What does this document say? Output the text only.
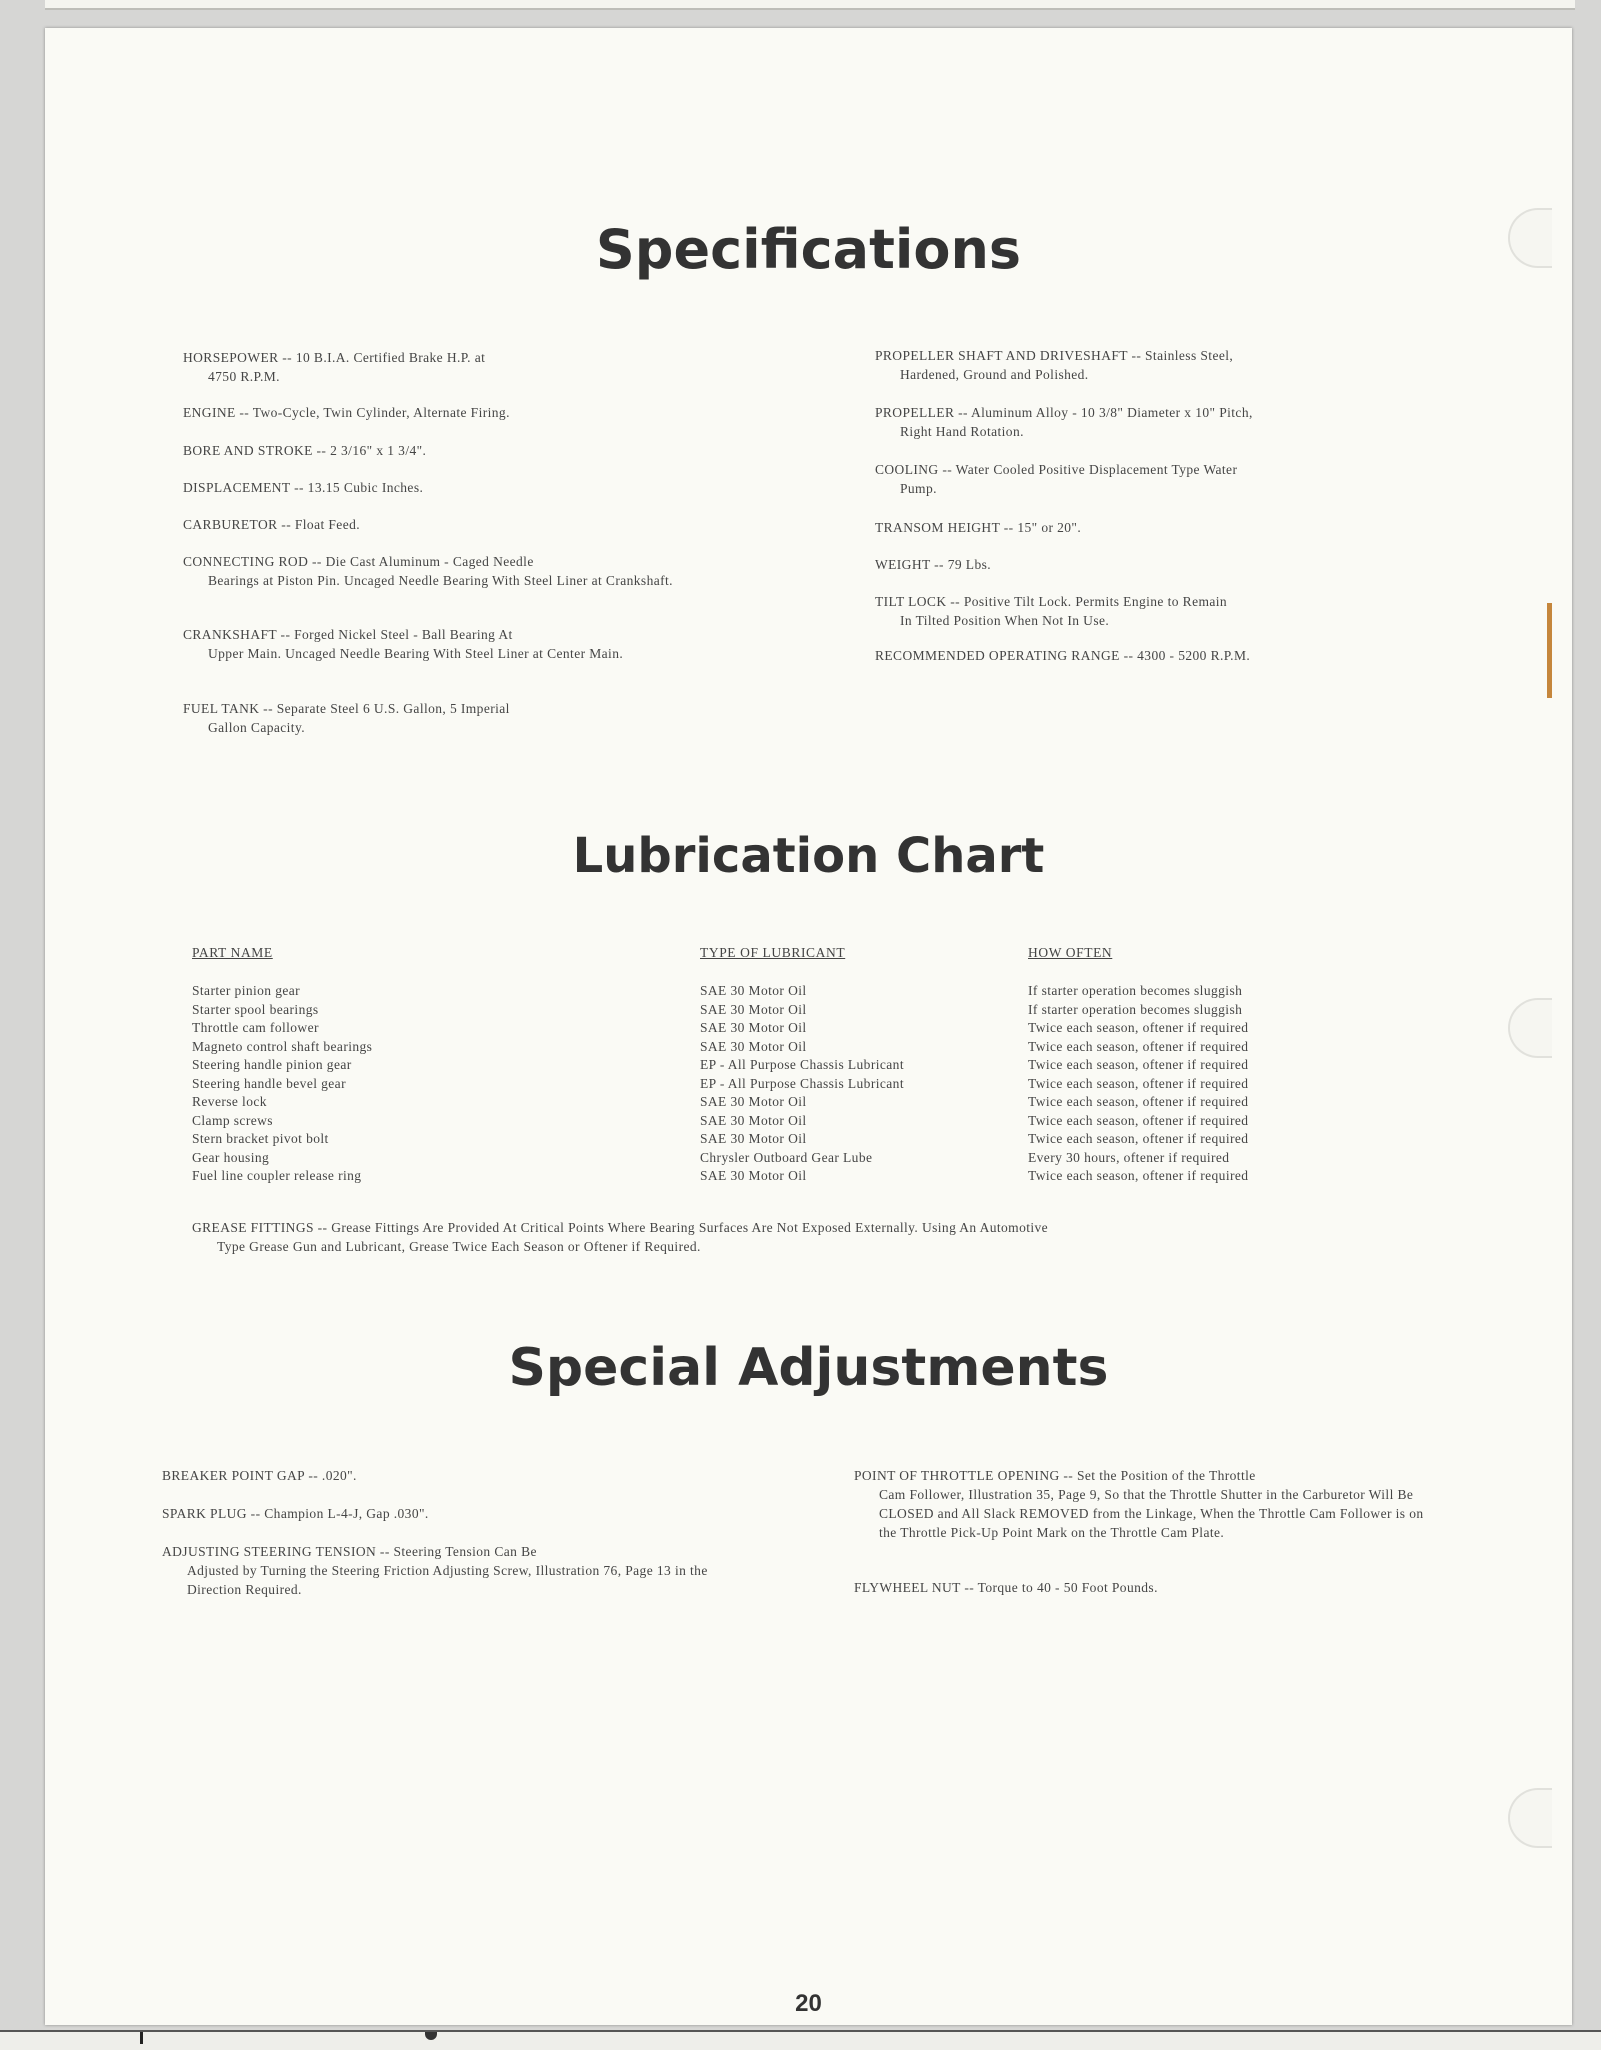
Specifications
HORSEPOWER -- 10 B.I.A. Certified Brake H.P. at
4750 R.P.M.
ENGINE -- Two-Cycle, Twin Cylinder, Alternate Firing.
BORE AND STROKE -- 2 3/16" x 1 3/4".
DISPLACEMENT -- 13.15 Cubic Inches.
CARBURETOR -- Float Feed.
CONNECTING ROD -- Die Cast Aluminum - Caged Needle
Bearings at Piston Pin. Uncaged Needle Bearing With Steel Liner at Crankshaft.
CRANKSHAFT -- Forged Nickel Steel - Ball Bearing At
Upper Main. Uncaged Needle Bearing With Steel Liner at Center Main.
FUEL TANK -- Separate Steel 6 U.S. Gallon, 5 Imperial
Gallon Capacity.
PROPELLER SHAFT AND DRIVESHAFT -- Stainless Steel,
Hardened, Ground and Polished.
PROPELLER -- Aluminum Alloy - 10 3/8" Diameter x 10" Pitch,
Right Hand Rotation.
COOLING -- Water Cooled Positive Displacement Type Water
Pump.
TRANSOM HEIGHT -- 15" or 20".
WEIGHT -- 79 Lbs.
TILT LOCK -- Positive Tilt Lock. Permits Engine to Remain
In Tilted Position When Not In Use.
RECOMMENDED OPERATING RANGE -- 4300 - 5200 R.P.M.
Lubrication Chart
PART NAME	TYPE OF LUBRICANT	HOW OFTEN
Starter pinion gear
Starter spool bearings
Throttle cam follower
Magneto control shaft bearings
Steering handle pinion gear
Steering handle bevel gear
Reverse lock
Clamp screws
Stern bracket pivot bolt
Gear housing
Fuel line coupler release ring
SAE 30 Motor Oil
SAE 30 Motor Oil
SAE 30 Motor Oil
SAE 30 Motor Oil
EP - All Purpose Chassis Lubricant
EP - All Purpose Chassis Lubricant
SAE 30 Motor Oil
SAE 30 Motor Oil
SAE 30 Motor Oil
Chrysler Outboard Gear Lube
SAE 30 Motor Oil
If starter operation becomes sluggish
If starter operation becomes sluggish
Twice each season, oftener if required
Twice each season, oftener if required
Twice each season, oftener if required
Twice each season, oftener if required
Twice each season, oftener if required
Twice each season, oftener if required
Twice each season, oftener if required
Every 30 hours, oftener if required
Twice each season, oftener if required
GREASE FITTINGS -- Grease Fittings Are Provided At Critical Points Where Bearing Surfaces Are Not Exposed Externally. Using An Automotive
Type Grease Gun and Lubricant, Grease Twice Each Season or Oftener if Required.
Special Adjustments
BREAKER POINT GAP -- .020".
SPARK PLUG -- Champion L-4-J, Gap .030".
ADJUSTING STEERING TENSION -- Steering Tension Can Be
Adjusted by Turning the Steering Friction Adjusting Screw, Illustration 76, Page 13 in the Direction Required.
POINT OF THROTTLE OPENING -- Set the Position of the Throttle
Cam Follower, Illustration 35, Page 9, So that the Throttle Shutter in the Carburetor Will Be CLOSED and All Slack REMOVED from the Linkage, When the Throttle Cam Follower is on the Throttle Pick-Up Point Mark on the Throttle Cam Plate.
FLYWHEEL NUT -- Torque to 40 - 50 Foot Pounds.
20
